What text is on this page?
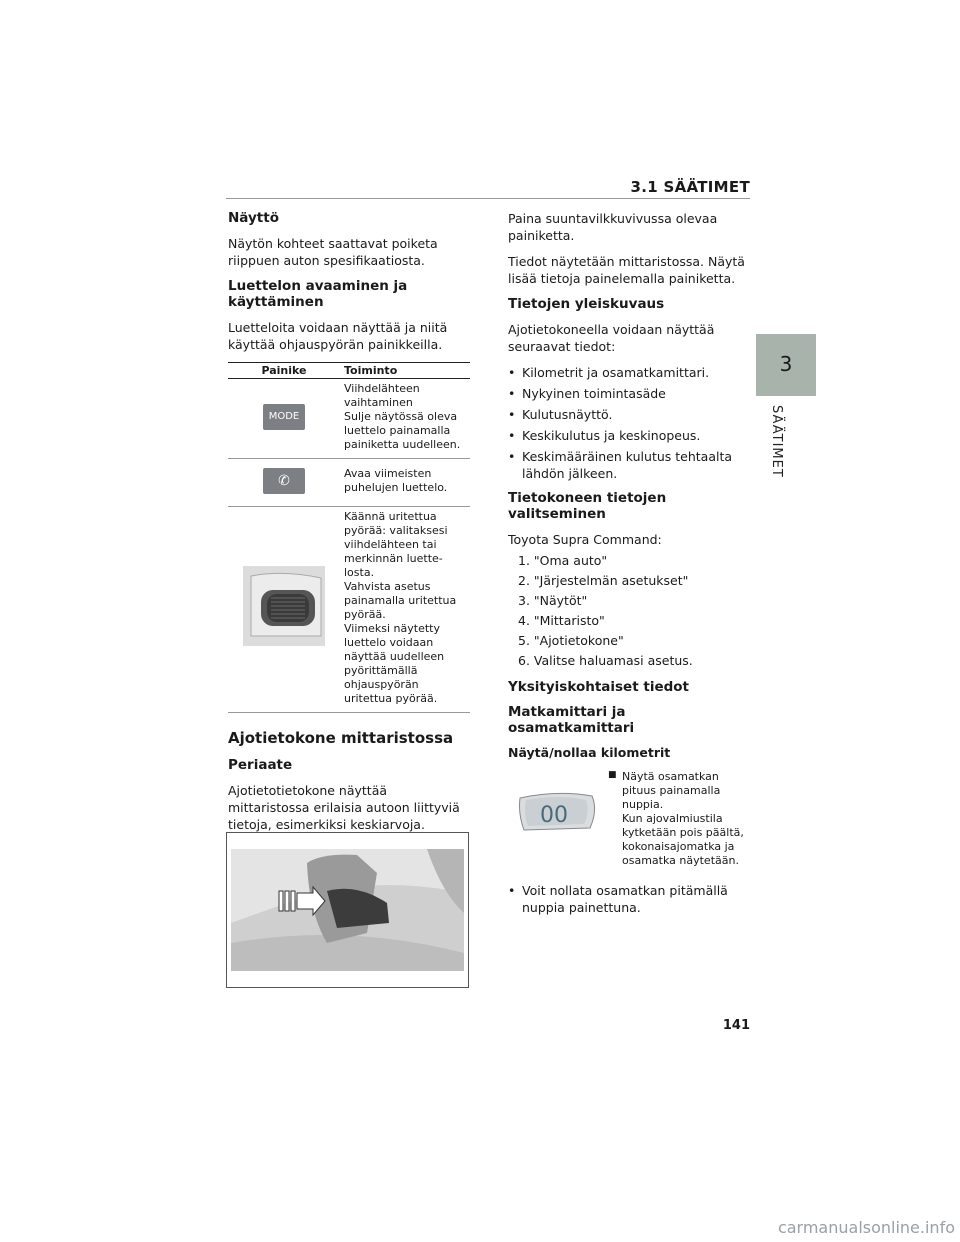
3.1 SÄÄTIMET
3
SÄÄTIMET
Näyttö
Näytön kohteet saattavat poiketa riippuen auton spesifikaatiosta.
Luettelon avaaminen ja käyttäminen
Luetteloita voidaan näyttää ja niitä käyttää ohjauspyörän painikkeilla.
Painike	Toiminto
MODE	Viihdelähteen vaihtaminen
Sulje näytössä oleva luettelo painamalla painiketta uudelleen.
✆	Avaa viimeisten puhelujen luettelo.
	Käännä uritettua pyörää: valitaksesi viihdelähteen tai merkinnän luette-losta.
Vahvista asetus painamalla uritettua pyörää.
Viimeksi näytetty luettelo voidaan näyttää uudelleen pyörittämällä ohjauspyörän uritettua pyörää.
Ajotietokone mittaristossa
Periaate
Ajotietotietokone näyttää mittaristossa erilaisia autoon liittyviä tietoja, esimerkiksi keskiarvoja.
Paina suuntavilkkuvivussa olevaa painiketta.
Tiedot näytetään mittaristossa. Näytä lisää tietoja painelemalla painiketta.
Tietojen yleiskuvaus
Ajotietokoneella voidaan näyttää seuraavat tiedot:
• Kilometrit ja osamatkamittari.
• Nykyinen toimintasäde
• Kulutusnäyttö.
• Keskikulutus ja keskinopeus.
• Keskimääräinen kulutus tehtaalta lähdön jälkeen.
Tietokoneen tietojen valitseminen
Toyota Supra Command:
1. "Oma auto"
2. "Järjestelmän asetukset"
3. "Näytöt"
4. "Mittaristo"
5. "Ajotietokone"
6. Valitse haluamasi asetus.
Yksityiskohtaiset tiedot
Matkamittari ja osamatkamittari
Näytä/nollaa kilometrit
00
■ Näytä osamatkan pituus painamalla nuppia.
Kun ajovalmiustila kytketään pois päältä, kokonaisajomatka ja osamatka näytetään.
• Voit nollata osamatkan pitämällä nuppia painettuna.
141
carmanualsonline.info
